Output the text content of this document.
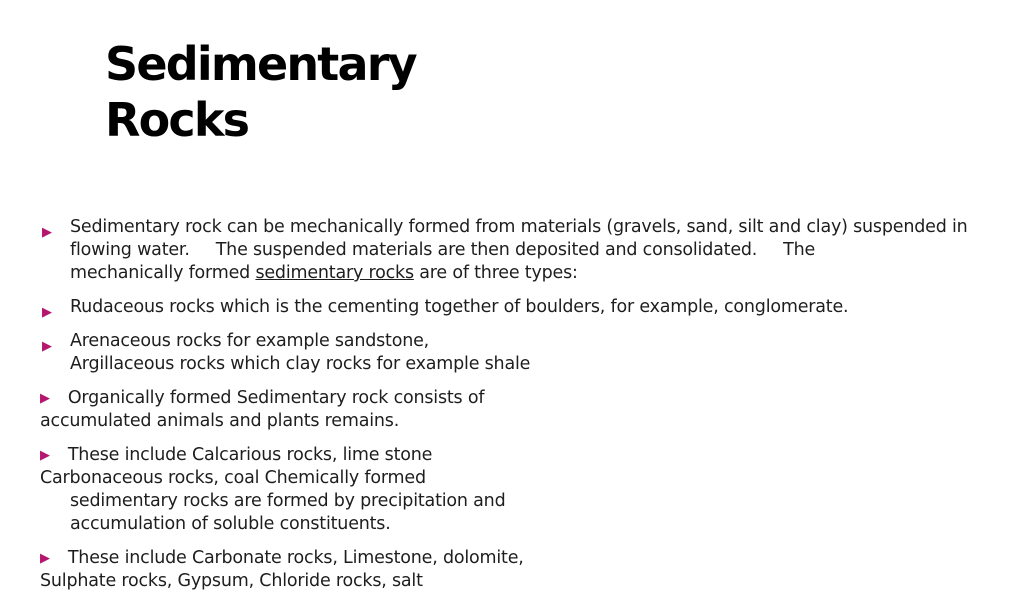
Sedimentary
Rocks
▶ Sedimentary rock can be mechanically formed from materials (gravels, sand, silt and clay) suspended in
flowing water. The suspended materials are then deposited and consolidated. The
mechanically formed sedimentary rocks are of three types:
▶ Rudaceous rocks which is the cementing together of boulders, for example, conglomerate.
▶ Arenaceous rocks for example sandstone,
Argillaceous rocks which clay rocks for example shale
▶ Organically formed Sedimentary rock consists of
accumulated animals and plants remains.
▶ These include Calcarious rocks, lime stone
Carbonaceous rocks, coal Chemically formed
sedimentary rocks are formed by precipitation and
accumulation of soluble constituents.
▶ These include Carbonate rocks, Limestone, dolomite,
Sulphate rocks, Gypsum, Chloride rocks, salt
